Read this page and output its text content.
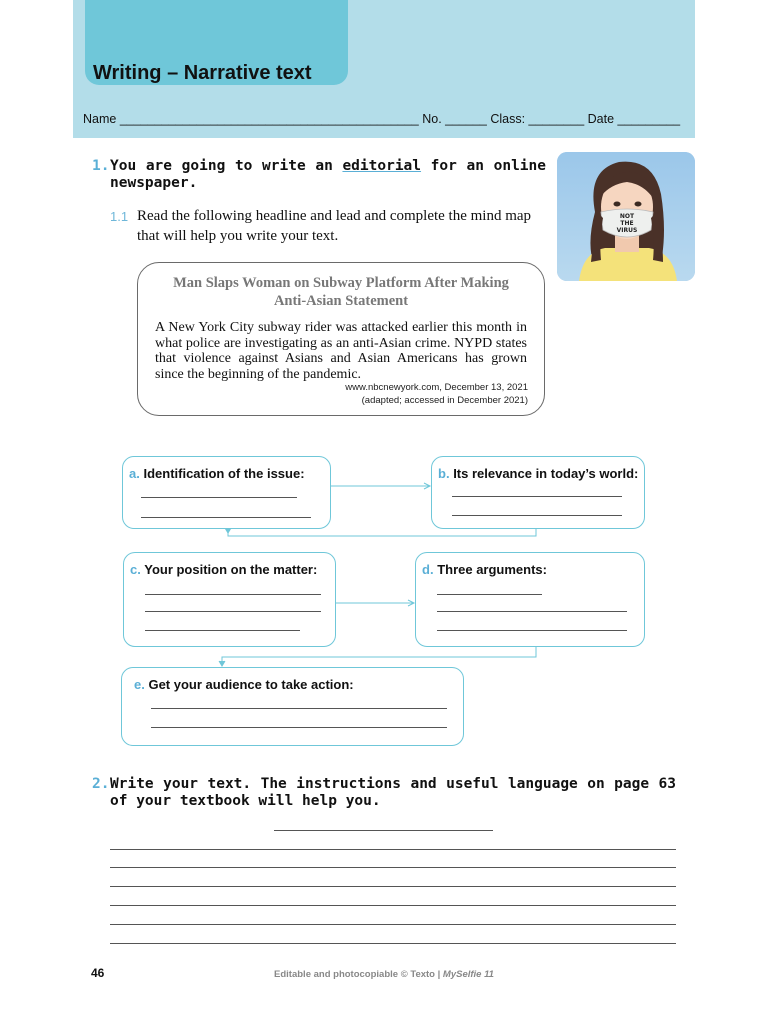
Writing – Narrative text
Name ___________________________________________ No. ______ Class: ________ Date _________
1. You are going to write an editorial for an online newspaper.
1.1 Read the following headline and lead and complete the mind map that will help you write your text.
NOT
THE
VIRUS
Man Slaps Woman on Subway Platform After Making Anti-Asian Statement
A New York City subway rider was attacked earlier this month in what police are investigating as an anti-Asian crime. NYPD states that violence against Asians and Asian Americans has grown since the beginning of the pandemic.
www.nbcnewyork.com, December 13, 2021
(adapted; accessed in December 2021)
a. Identification of the issue:	b. Its relevance in today’s world:
c. Your position on the matter:	d. Three arguments:
e. Get your audience to take action:
2. Write your text. The instructions and useful language on page 63 of your textbook will help you.
46	Editable and photocopiable © Texto | MySelfie 11
